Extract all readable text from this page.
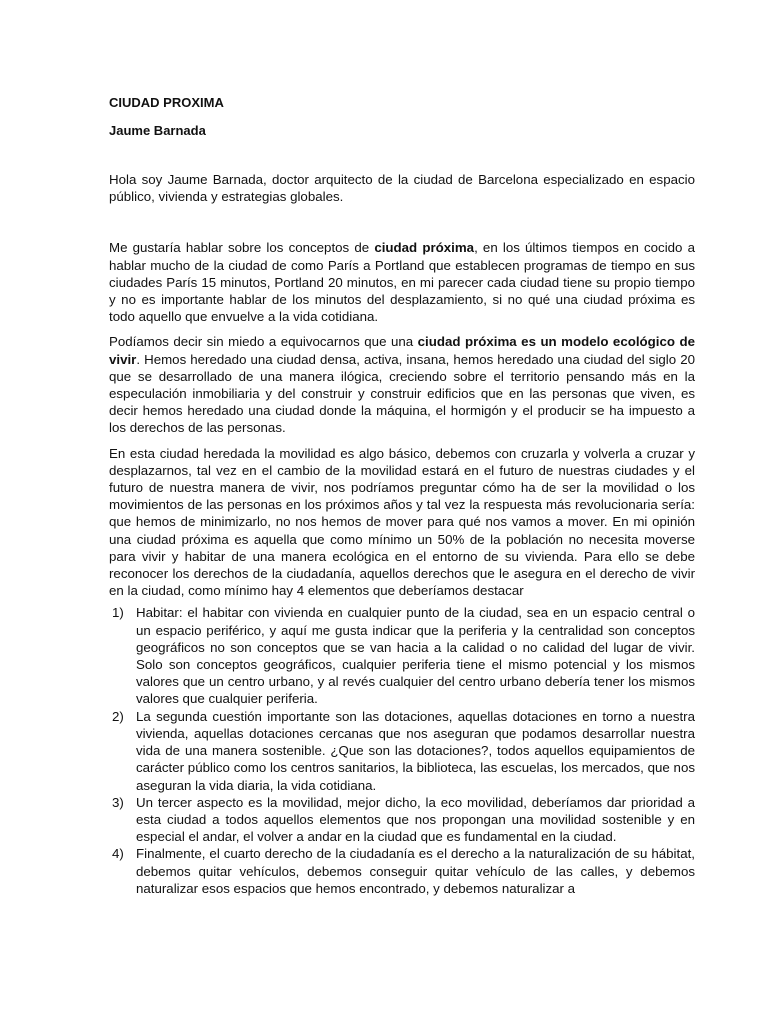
CIUDAD PROXIMA
Jaume Barnada

Hola soy Jaume Barnada, doctor arquitecto de la ciudad de Barcelona especializado en espacio público, vivienda y estrategias globales.

Me gustaría hablar sobre los conceptos de ciudad próxima, en los últimos tiempos en cocido a hablar mucho de la ciudad de como París a Portland que establecen programas de tiempo en sus ciudades París 15 minutos, Portland 20 minutos, en mi parecer cada ciudad tiene su propio tiempo y no es importante hablar de los minutos del desplazamiento, si no qué una ciudad próxima es todo aquello que envuelve a la vida cotidiana.

Podíamos decir sin miedo a equivocarnos que una ciudad próxima es un modelo ecológico de vivir. Hemos heredado una ciudad densa, activa, insana, hemos heredado una ciudad del siglo 20 que se desarrollado de una manera ilógica, creciendo sobre el territorio pensando más en la especulación inmobiliaria y del construir y construir edificios que en las personas que viven, es decir hemos heredado una ciudad donde la máquina, el hormigón y el producir se ha impuesto a los derechos de las personas.

En esta ciudad heredada la movilidad es algo básico, debemos con cruzarla y volverla a cruzar y desplazarnos, tal vez en el cambio de la movilidad estará en el futuro de nuestras ciudades y el futuro de nuestra manera de vivir, nos podríamos preguntar cómo ha de ser la movilidad o los movimientos de las personas en los próximos años y tal vez la respuesta más revolucionaria sería: que hemos de minimizarlo, no nos hemos de mover para qué nos vamos a mover. En mi opinión una ciudad próxima es aquella que como mínimo un 50% de la población no necesita moverse para vivir y habitar de una manera ecológica en el entorno de su vivienda. Para ello se debe reconocer los derechos de la ciudadanía, aquellos derechos que le asegura en el derecho de vivir en la ciudad, como mínimo hay 4 elementos que deberíamos destacar

1) Habitar: el habitar con vivienda en cualquier punto de la ciudad, sea en un espacio central o un espacio periférico, y aquí me gusta indicar que la periferia y la centralidad son conceptos geográficos no son conceptos que se van hacia a la calidad o no calidad del lugar de vivir. Solo son conceptos geográficos, cualquier periferia tiene el mismo potencial y los mismos valores que un centro urbano, y al revés cualquier del centro urbano debería tener los mismos valores que cualquier periferia.
2) La segunda cuestión importante son las dotaciones, aquellas dotaciones en torno a nuestra vivienda, aquellas dotaciones cercanas que nos aseguran que podamos desarrollar nuestra vida de una manera sostenible. ¿Que son las dotaciones?, todos aquellos equipamientos de carácter público como los centros sanitarios, la biblioteca, las escuelas, los mercados, que nos aseguran la vida diaria, la vida cotidiana.
3) Un tercer aspecto es la movilidad, mejor dicho, la eco movilidad, deberíamos dar prioridad a esta ciudad a todos aquellos elementos que nos propongan una movilidad sostenible y en especial el andar, el volver a andar en la ciudad que es fundamental en la ciudad.
4) Finalmente, el cuarto derecho de la ciudadanía es el derecho a la naturalización de su hábitat, debemos quitar vehículos, debemos conseguir quitar vehículo de las calles, y debemos naturalizar esos espacios que hemos encontrado, y debemos naturalizar a
